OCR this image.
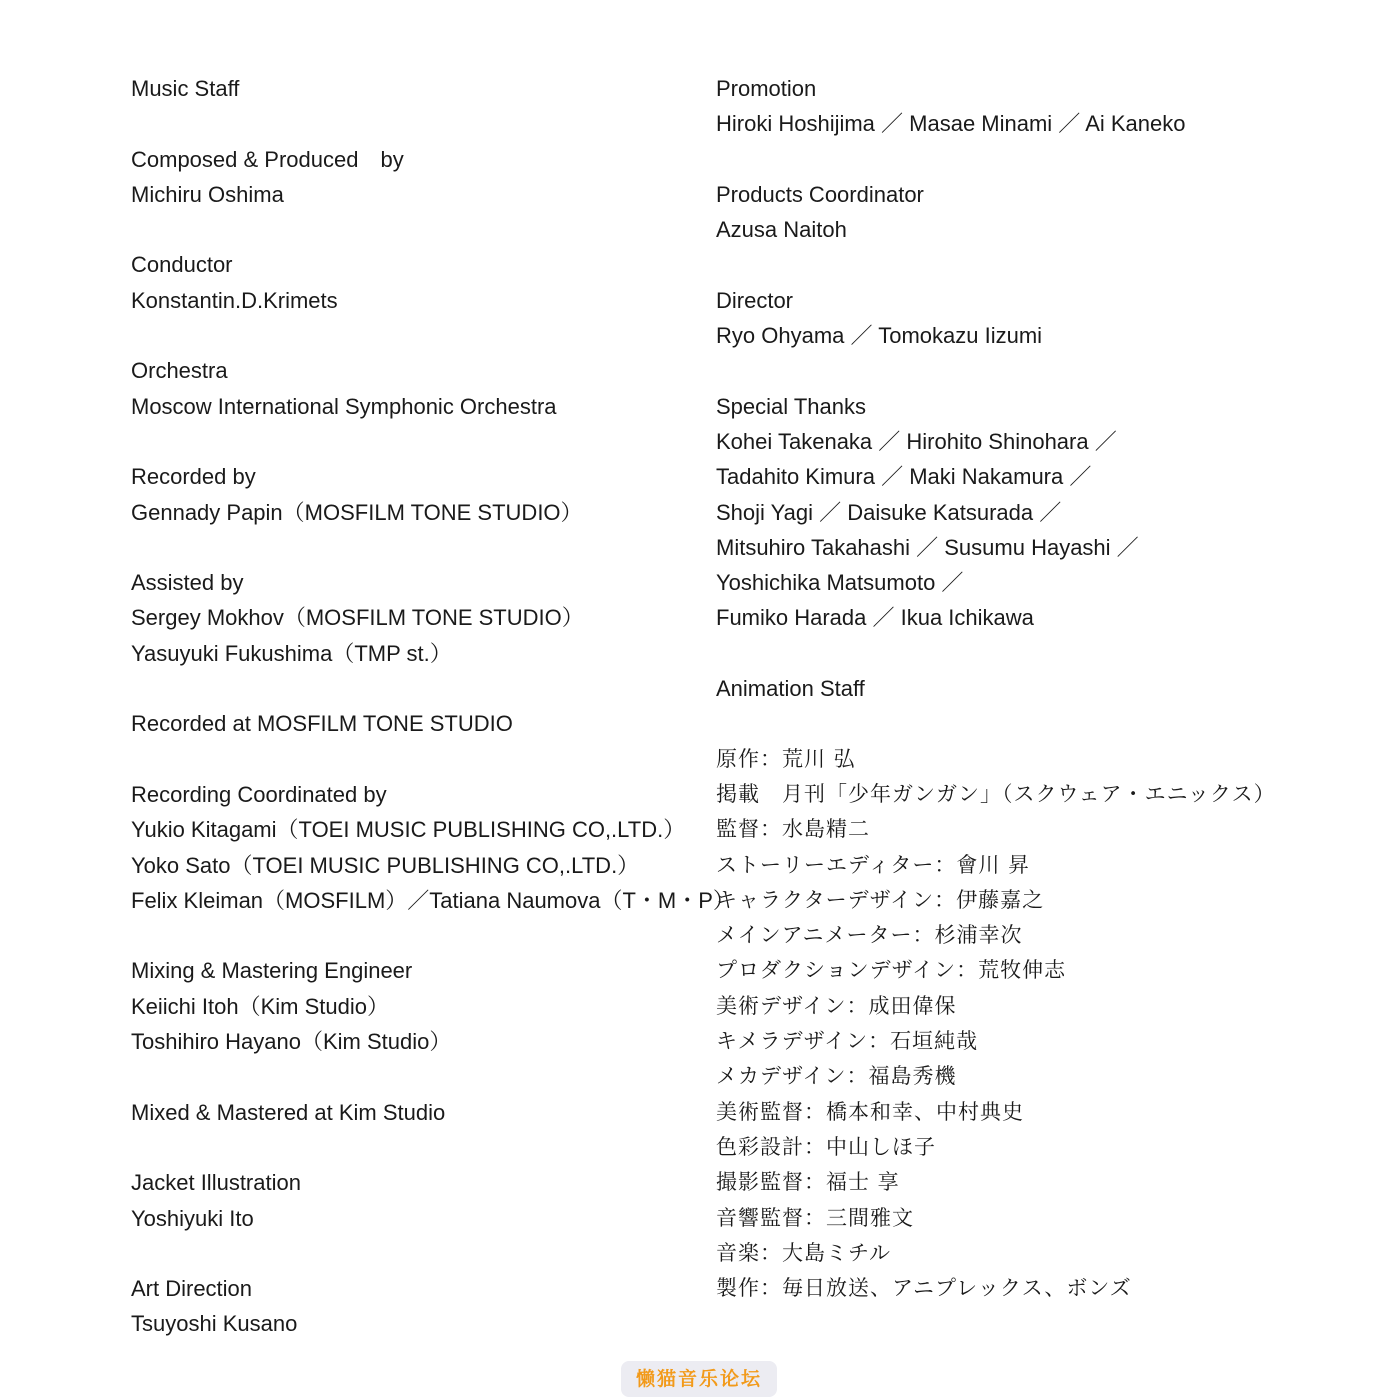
Music Staff
Composed & Produced　by
Michiru Oshima
Conductor
Konstantin.D.Krimets
Orchestra
Moscow International Symphonic Orchestra
Recorded by
Gennady Papin（MOSFILM TONE STUDIO）
Assisted by
Sergey Mokhov（MOSFILM TONE STUDIO）
Yasuyuki Fukushima（TMP st.）
Recorded at MOSFILM TONE STUDIO
Recording Coordinated by
Yukio Kitagami（TOEI MUSIC PUBLISHING CO,.LTD.）
Yoko Sato（TOEI MUSIC PUBLISHING CO,.LTD.）
Felix Kleiman（MOSFILM）／Tatiana Naumova（T・M・P）
Mixing & Mastering Engineer
Keiichi Itoh（Kim Studio）
Toshihiro Hayano（Kim Studio）
Mixed & Mastered at Kim Studio
Jacket Illustration
Yoshiyuki Ito
Art Direction
Tsuyoshi Kusano
Promotion
Hiroki Hoshijima ／ Masae Minami ／ Ai Kaneko
Products Coordinator
Azusa Naitoh
Director
Ryo Ohyama ／ Tomokazu Iizumi
Special Thanks
Kohei Takenaka ／ Hirohito Shinohara ／
Tadahito Kimura ／ Maki Nakamura ／
Shoji Yagi ／ Daisuke Katsurada ／
Mitsuhiro Takahashi ／ Susumu Hayashi ／
Yoshichika Matsumoto ／
Fumiko Harada ／ Ikua Ichikawa
Animation Staff
原作：荒川 弘
掲載　月刊「少年ガンガン」（スクウェア・エニックス）
監督：水島精二
ストーリーエディター：會川 昇
キャラクターデザイン：伊藤嘉之
メインアニメーター：杉浦幸次
プロダクションデザイン：荒牧伸志
美術デザイン：成田偉保
キメラデザイン：石垣純哉
メカデザイン：福島秀機
美術監督：橋本和幸、中村典史
色彩設計：中山しほ子
撮影監督：福士 享
音響監督：三間雅文
音楽：大島ミチル
製作：毎日放送、アニプレックス、ボンズ
懒猫音乐论坛
